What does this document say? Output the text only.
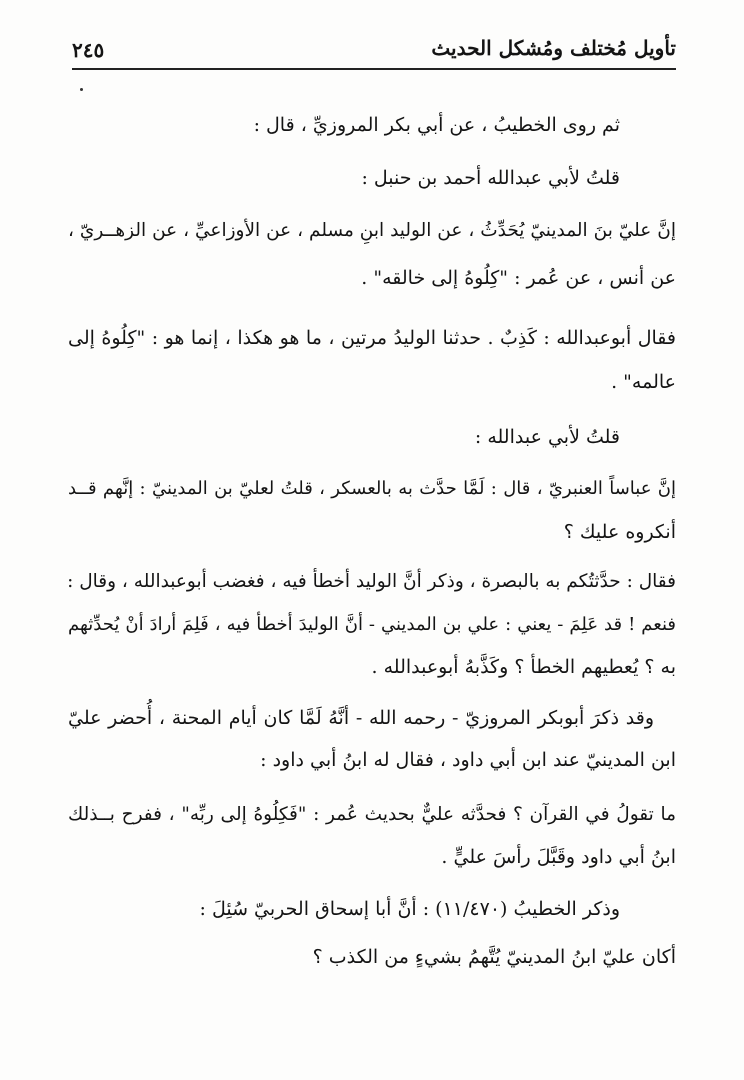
تأويل مُختلف ومُشكل الحديث
٢٤٥
ثم روى الخطيبُ ، عن أبي بكر المروزيِّ ، قال :
قلتُ لأبي عبدالله أحمد بن حنبل :
إنَّ عليّ بنَ المدينيّ يُحَدِّثُ ، عن الوليد ابنِ مسلم ، عن الأوزاعيِّ ، عن الزهــريّ ،
عن أنس ، عن عُمر : "كِلُوهُ إلى خالقه" .
فقال أبوعبدالله : كَذِبٌ . حدثنا الوليدُ مرتين ، ما هو هكذا ، إنما هو : "كِلُوهُ إلى
عالمه" .
قلتُ لأبي عبدالله :
إنَّ عباساً العنبريّ ، قال : لَمَّا حدَّث به بالعسكر ، قلتُ لعليّ بن المدينيّ : إنَّهم قــد
أنكروه عليك ؟
فقال : حدَّثتُكم به بالبصرة ، وذكر أنَّ الوليد أخطأ فيه ، فغضب أبوعبدالله ، وقال :
فنعم ! قد عَلِمَ - يعني : علي بن المديني - أنَّ الوليدَ أخطأ فيه ، فَلِمَ أرادَ أنْ يُحدِّثهم
به ؟ يُعطيهم الخطأ ؟ وكَذَّبهُ أبوعبدالله .
وقد ذكرَ أبوبكر المروزيّ - رحمه الله - أنَّهُ لَمَّا كان أيام المحنة ، أُحضر عليّ
ابن المدينيّ عند ابن أبي داود ، فقال له ابنُ أبي داود :
ما تقولُ في القرآن ؟ فحدَّثه عليٌّ بحديث عُمر : "فَكِلُوهُ إلى ربِّه" ، ففرح بــذلك
ابنُ أبي داود وقَبَّلَ رأسَ عليٍّ .
وذكر الخطيبُ (١١/٤٧٠) : أنَّ أبا إسحاق الحربيّ سُئِلَ :
أكان عليّ ابنُ المدينيّ يُتَّهمُ بشيءٍ من الكذب ؟
